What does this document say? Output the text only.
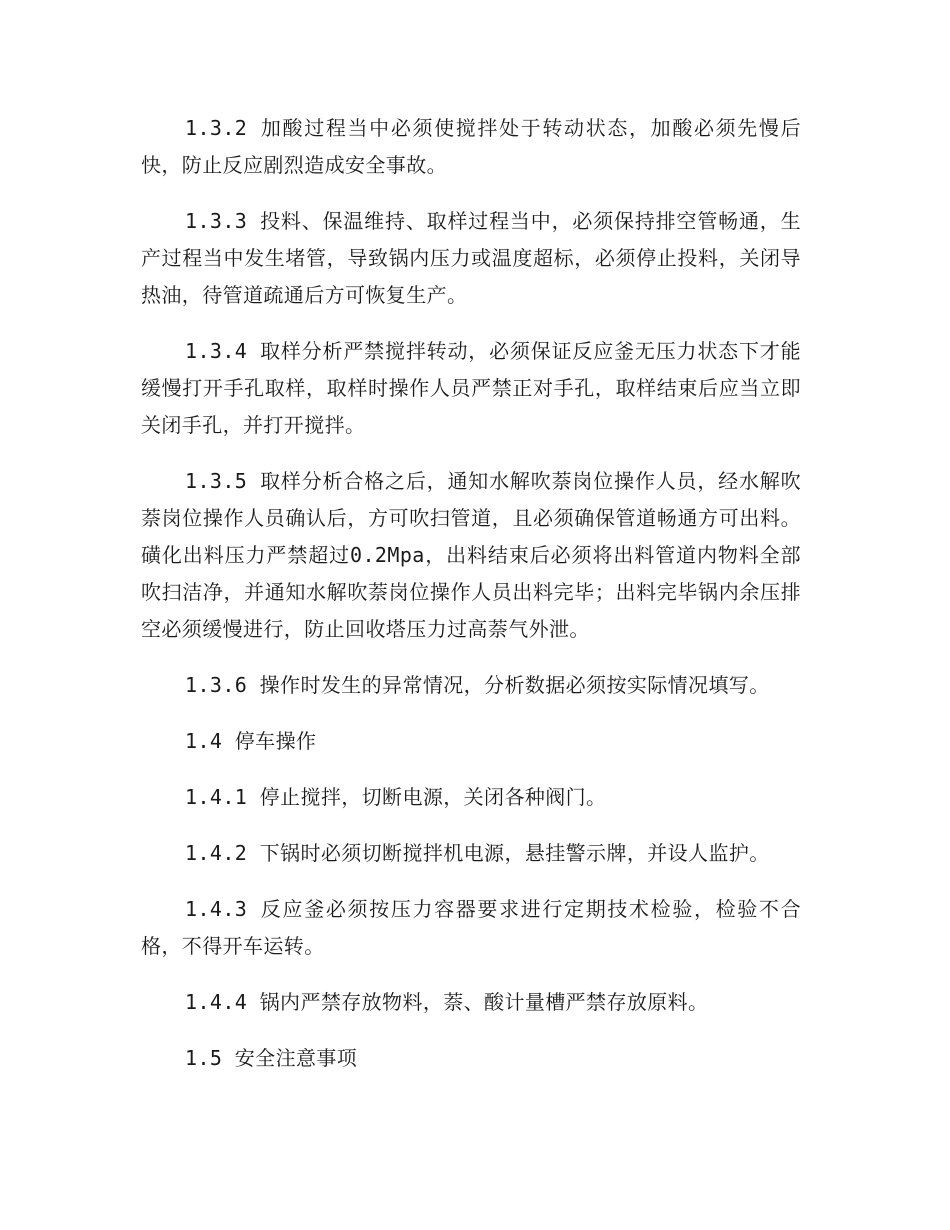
1.3.2 加酸过程当中必须使搅拌处于转动状态，加酸必须先慢后快，防止反应剧烈造成安全事故。

1.3.3 投料、保温维持、取样过程当中，必须保持排空管畅通，生产过程当中发生堵管，导致锅内压力或温度超标，必须停止投料，关闭导热油，待管道疏通后方可恢复生产。

1.3.4 取样分析严禁搅拌转动，必须保证反应釜无压力状态下才能缓慢打开手孔取样，取样时操作人员严禁正对手孔，取样结束后应当立即关闭手孔，并打开搅拌。

1.3.5 取样分析合格之后，通知水解吹萘岗位操作人员，经水解吹萘岗位操作人员确认后，方可吹扫管道，且必须确保管道畅通方可出料。磺化出料压力严禁超过0.2Mpa，出料结束后必须将出料管道内物料全部吹扫洁净，并通知水解吹萘岗位操作人员出料完毕；出料完毕锅内余压排空必须缓慢进行，防止回收塔压力过高萘气外泄。

1.3.6 操作时发生的异常情况，分析数据必须按实际情况填写。

1.4 停车操作

1.4.1 停止搅拌，切断电源，关闭各种阀门。

1.4.2 下锅时必须切断搅拌机电源，悬挂警示牌，并设人监护。

1.4.3 反应釜必须按压力容器要求进行定期技术检验，检验不合格，不得开车运转。

1.4.4 锅内严禁存放物料，萘、酸计量槽严禁存放原料。

1.5 安全注意事项
